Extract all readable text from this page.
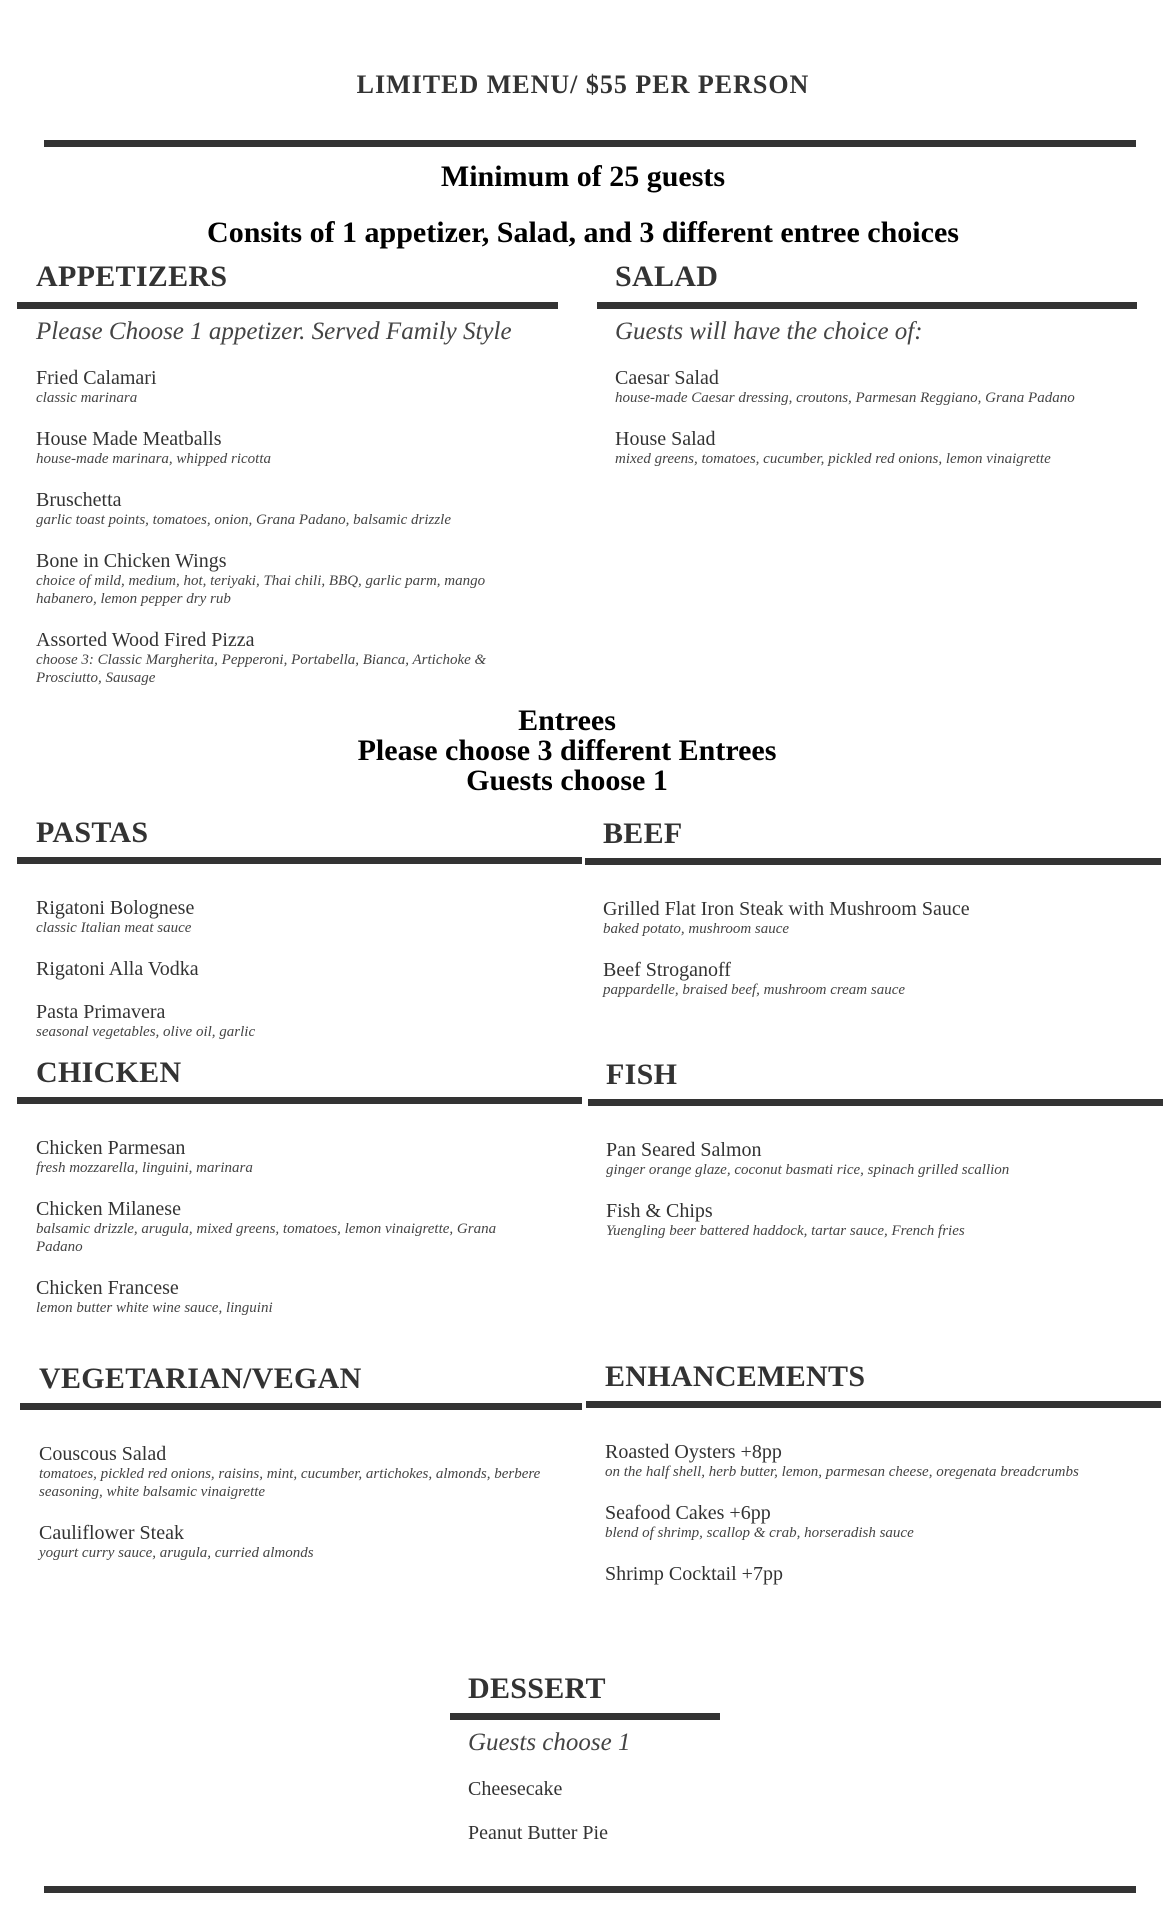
LIMITED MENU/ $55 PER PERSON
Minimum of 25 guests
Consits of 1 appetizer, Salad, and 3 different entree choices
APPETIZERS
Please Choose 1 appetizer. Served Family Style
Fried Calamari
classic marinara
House Made Meatballs
house-made marinara, whipped ricotta
Bruschetta
garlic toast points, tomatoes, onion, Grana Padano, balsamic drizzle
Bone in Chicken Wings
choice of mild, medium, hot, teriyaki, Thai chili, BBQ, garlic parm, mango habanero, lemon pepper dry rub
Assorted Wood Fired Pizza
choose 3: Classic Margherita, Pepperoni, Portabella, Bianca, Artichoke & Prosciutto, Sausage
SALAD
Guests will have the choice of:
Caesar Salad
house-made Caesar dressing, croutons, Parmesan Reggiano, Grana Padano
House Salad
mixed greens, tomatoes, cucumber, pickled red onions, lemon vinaigrette
Entrees
Please choose 3 different Entrees
Guests choose 1
PASTAS
Rigatoni Bolognese
classic Italian meat sauce
Rigatoni Alla Vodka
Pasta Primavera
seasonal vegetables, olive oil, garlic
BEEF
Grilled Flat Iron Steak with Mushroom Sauce
baked potato, mushroom sauce
Beef Stroganoff
pappardelle, braised beef, mushroom cream sauce
CHICKEN
Chicken Parmesan
fresh mozzarella, linguini, marinara
Chicken Milanese
balsamic drizzle, arugula, mixed greens, tomatoes, lemon vinaigrette, Grana Padano
Chicken Francese
lemon butter white wine sauce, linguini
FISH
Pan Seared Salmon
ginger orange glaze, coconut basmati rice, spinach grilled scallion
Fish & Chips
Yuengling beer battered haddock, tartar sauce, French fries
VEGETARIAN/VEGAN
Couscous Salad
tomatoes, pickled red onions, raisins, mint, cucumber, artichokes, almonds, berbere seasoning, white balsamic vinaigrette
Cauliflower Steak
yogurt curry sauce, arugula, curried almonds
ENHANCEMENTS
Roasted Oysters +8pp
on the half shell, herb butter, lemon, parmesan cheese, oregenata breadcrumbs
Seafood Cakes +6pp
blend of shrimp, scallop & crab, horseradish sauce
Shrimp Cocktail +7pp
DESSERT
Guests choose 1
Cheesecake
Peanut Butter Pie
